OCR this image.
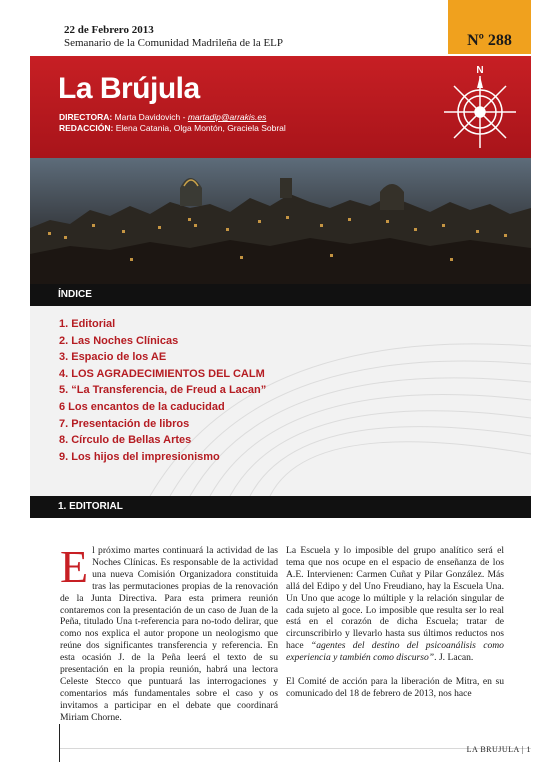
22 de Febrero 2013
Semanario de la Comunidad Madrileña de la ELP	Nº 288
La Brújula
DIRECTORA: Marta Davidovich - martadip@arrakis.es
REDACCIÓN: Elena Catania, Olga Montón, Graciela Sobral
N
ÍNDICE
1. Editorial
2. Las Noches Clínicas
3. Espacio de los AE
4. LOS AGRADECIMIENTOS DEL CALM
5. “La Transferencia, de Freud a Lacan”
6 Los encantos de la caducidad
7. Presentación de libros
8. Círculo de Bellas Artes
9. Los hijos del impresionismo
1. EDITORIAL

El próximo martes continuará la actividad de las Noches Clínicas. Es responsable de la actividad una nueva Comisión Organizadora constituida tras las permutaciones propias de la renovación de la Junta Directiva. Para esta primera reunión contaremos con la presentación de un caso de Juan de la Peña, titulado Una t-referencia para no-todo delirar, que como nos explica el autor propone un neologismo que reúne dos significantes transferencia y referencia. En esta ocasión J. de la Peña leerá el texto de su presentación en la propia reunión, habrá una lectora Celeste Stecco que puntuará las interrogaciones y comentarios más fundamentales sobre el caso y os invitamos a participar en el debate que coordinará Miriam Chorne.

La Escuela y lo imposible del grupo analítico será el tema que nos ocupe en el espacio de enseñanza de los A.E. Intervienen: Carmen Cuñat y Pilar González. Más allá del Edipo y del Uno Freudiano, hay la Escuela Una. Un Uno que acoge lo múltiple y la relación singular de cada sujeto al goce. Lo imposible que resulta ser lo real está en el corazón de dicha Escuela; tratar de circunscribirlo y llevarlo hasta sus últimos reductos nos hace “agentes del destino del psicoanálisis como experiencia y también como discurso”. J. Lacan.

El Comité de acción para la liberación de Mitra, en su comunicado del 18 de febrero de 2013, nos hace

LA BRUJULA | 1
